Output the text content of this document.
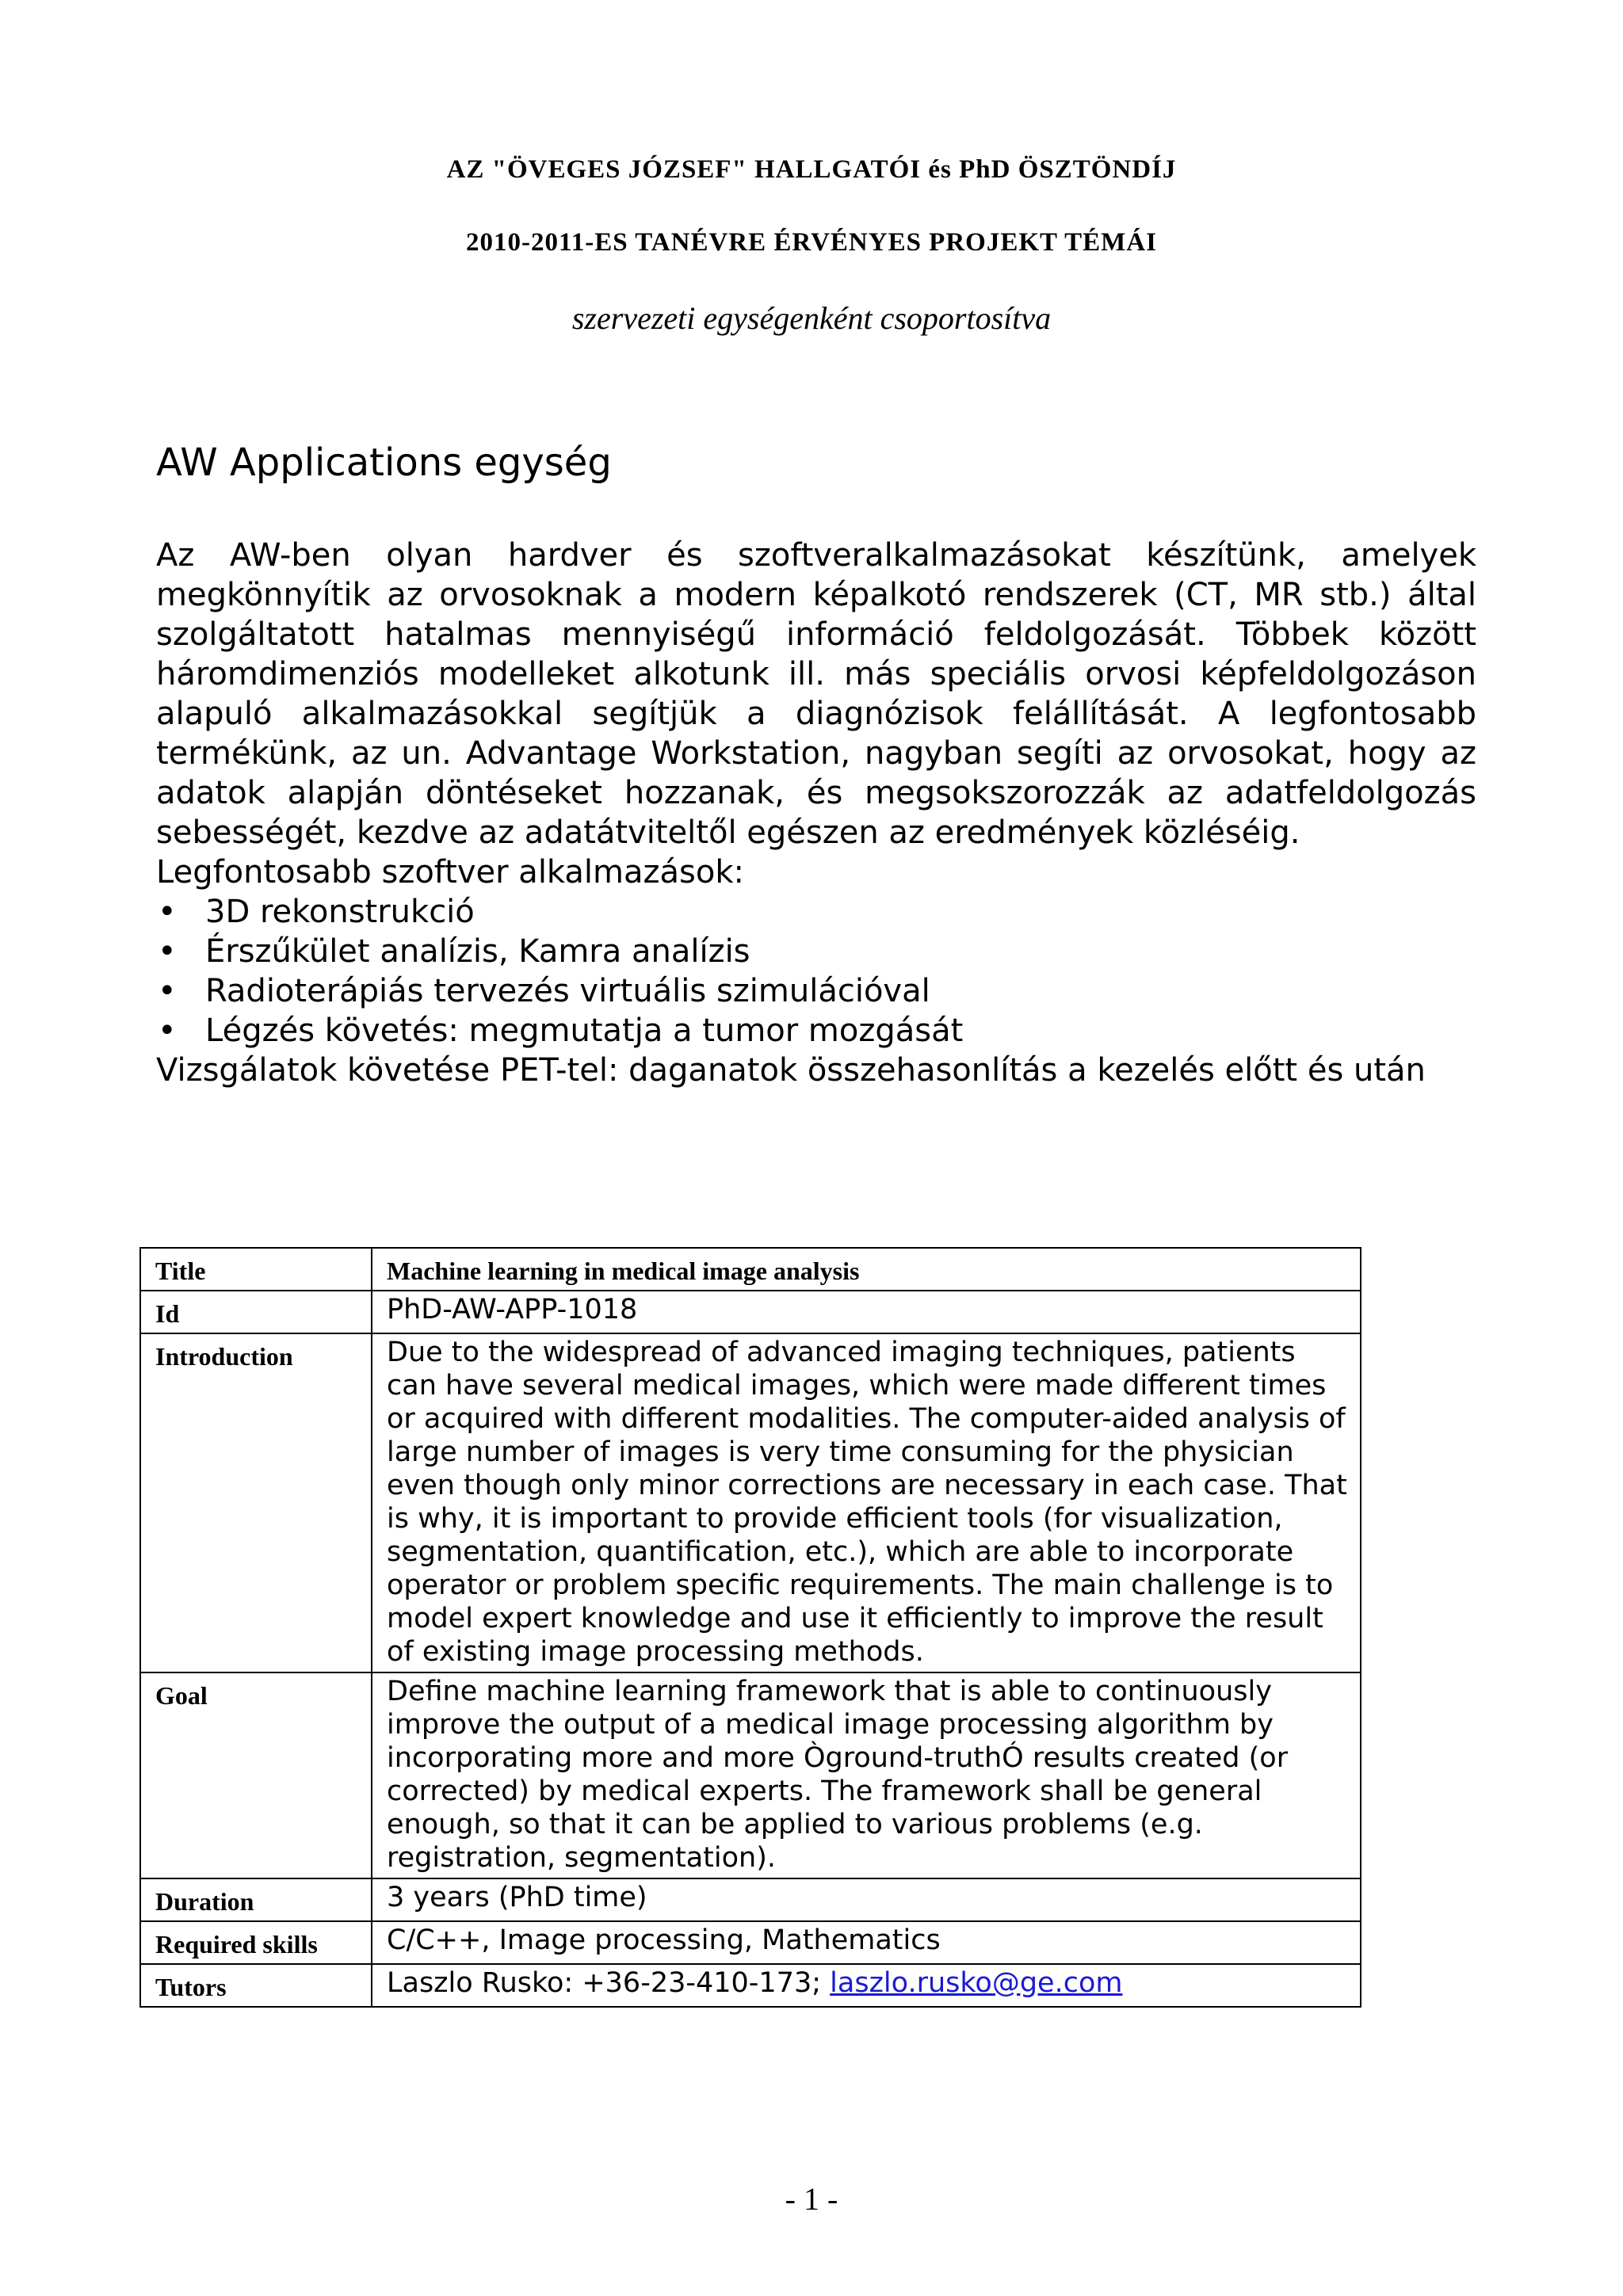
AZ "ÖVEGES JÓZSEF" HALLGATÓI és PhD ÖSZTÖNDÍJ
2010-2011-ES TANÉVRE ÉRVÉNYES PROJEKT TÉMÁI
szervezeti egységenként csoportosítva
AW Applications egység

Az AW-ben olyan hardver és szoftveralkalmazásokat készítünk, amelyek megkönnyítik az orvosoknak a modern képalkotó rendszerek (CT, MR stb.) által szolgáltatott hatalmas mennyiségű információ feldolgozását. Többek között háromdimenziós modelleket alkotunk ill. más speciális orvosi képfeldolgozáson alapuló alkalmazásokkal segítjük a diagnózisok felállítását. A legfontosabb termékünk, az un. Advantage Workstation, nagyban segíti az orvosokat, hogy az adatok alapján döntéseket hozzanak, és megsokszorozzák az adatfeldolgozás sebességét, kezdve az adatátviteltől egészen az eredmények közléséig.

Legfontosabb szoftver alkalmazások:
• 3D rekonstrukció
• Érszűkület analízis, Kamra analízis
• Radioterápiás tervezés virtuális szimulációval
• Légzés követés: megmutatja a tumor mozgását
Vizsgálatok követése PET-tel: daganatok összehasonlítás a kezelés előtt és után
Title	Machine learning in medical image analysis
Id	PhD-AW-APP-1018
Introduction	Due to the widespread of advanced imaging techniques, patients can have several medical images, which were made different times or acquired with different modalities. The computer-aided analysis of large number of images is very time consuming for the physician even though only minor corrections are necessary in each case. That is why, it is important to provide efficient tools (for visualization, segmentation, quantification, etc.), which are able to incorporate operator or problem specific requirements. The main challenge is to model expert knowledge and use it efficiently to improve the result of existing image processing methods.
Goal	Define machine learning framework that is able to continuously improve the output of a medical image processing algorithm by incorporating more and more Òground-truthÓ results created (or corrected) by medical experts. The framework shall be general enough, so that it can be applied to various problems (e.g. registration, segmentation).
Duration	3 years (PhD time)
Required skills	C/C++, Image processing, Mathematics
Tutors	Laszlo Rusko: +36-23-410-173; laszlo.rusko@ge.com
- 1 -
